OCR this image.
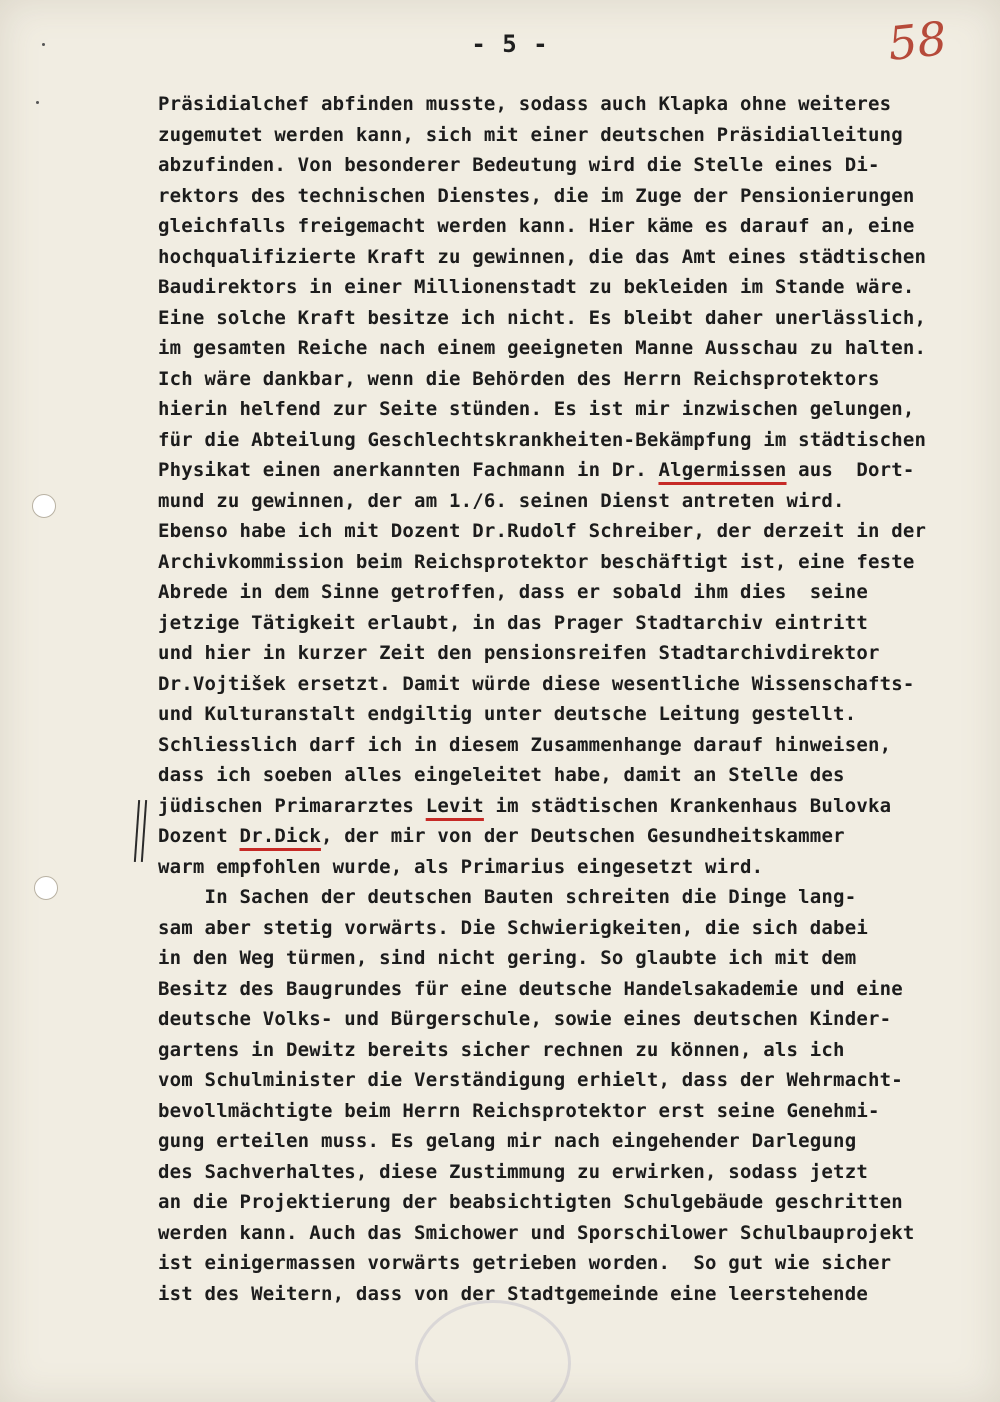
- 5 -	58
Präsidialchef abfinden musste, sodass auch Klapka ohne weiteres
zugemutet werden kann, sich mit einer deutschen Präsidialleitung
abzufinden. Von besonderer Bedeutung wird die Stelle eines Di-
rektors des technischen Dienstes, die im Zuge der Pensionierungen
gleichfalls freigemacht werden kann. Hier käme es darauf an, eine
hochqualifizierte Kraft zu gewinnen, die das Amt eines städtischen
Baudirektors in einer Millionenstadt zu bekleiden im Stande wäre.
Eine solche Kraft besitze ich nicht. Es bleibt daher unerlässlich,
im gesamten Reiche nach einem geeigneten Manne Ausschau zu halten.
Ich wäre dankbar, wenn die Behörden des Herrn Reichsprotektors
hierin helfend zur Seite stünden. Es ist mir inzwischen gelungen,
für die Abteilung Geschlechtskrankheiten-Bekämpfung im städtischen
Physikat einen anerkannten Fachmann in Dr. Algermissen aus  Dort-
mund zu gewinnen, der am 1./6. seinen Dienst antreten wird.
Ebenso habe ich mit Dozent Dr.Rudolf Schreiber, der derzeit in der
Archivkommission beim Reichsprotektor beschäftigt ist, eine feste
Abrede in dem Sinne getroffen, dass er sobald ihm dies  seine
jetzige Tätigkeit erlaubt, in das Prager Stadtarchiv eintritt
und hier in kurzer Zeit den pensionsreifen Stadtarchivdirektor
Dr.Vojtišek ersetzt. Damit würde diese wesentliche Wissenschafts-
und Kulturanstalt endgiltig unter deutsche Leitung gestellt.
Schliesslich darf ich in diesem Zusammenhange darauf hinweisen,
dass ich soeben alles eingeleitet habe, damit an Stelle des
jüdischen Primararztes Levit im städtischen Krankenhaus Bulovka
Dozent Dr.Dick, der mir von der Deutschen Gesundheitskammer
warm empfohlen wurde, als Primarius eingesetzt wird.
In Sachen der deutschen Bauten schreiten die Dinge lang-
sam aber stetig vorwärts. Die Schwierigkeiten, die sich dabei
in den Weg türmen, sind nicht gering. So glaubte ich mit dem
Besitz des Baugrundes für eine deutsche Handelsakademie und eine
deutsche Volks- und Bürgerschule, sowie eines deutschen Kinder-
gartens in Dewitz bereits sicher rechnen zu können, als ich
vom Schulminister die Verständigung erhielt, dass der Wehrmacht-
bevollmächtigte beim Herrn Reichsprotektor erst seine Genehmi-
gung erteilen muss. Es gelang mir nach eingehender Darlegung
des Sachverhaltes, diese Zustimmung zu erwirken, sodass jetzt
an die Projektierung der beabsichtigten Schulgebäude geschritten
werden kann. Auch das Smichower und Sporschilower Schulbauprojekt
ist einigermassen vorwärts getrieben worden.  So gut wie sicher
ist des Weitern, dass von der Stadtgemeinde eine leerstehende
